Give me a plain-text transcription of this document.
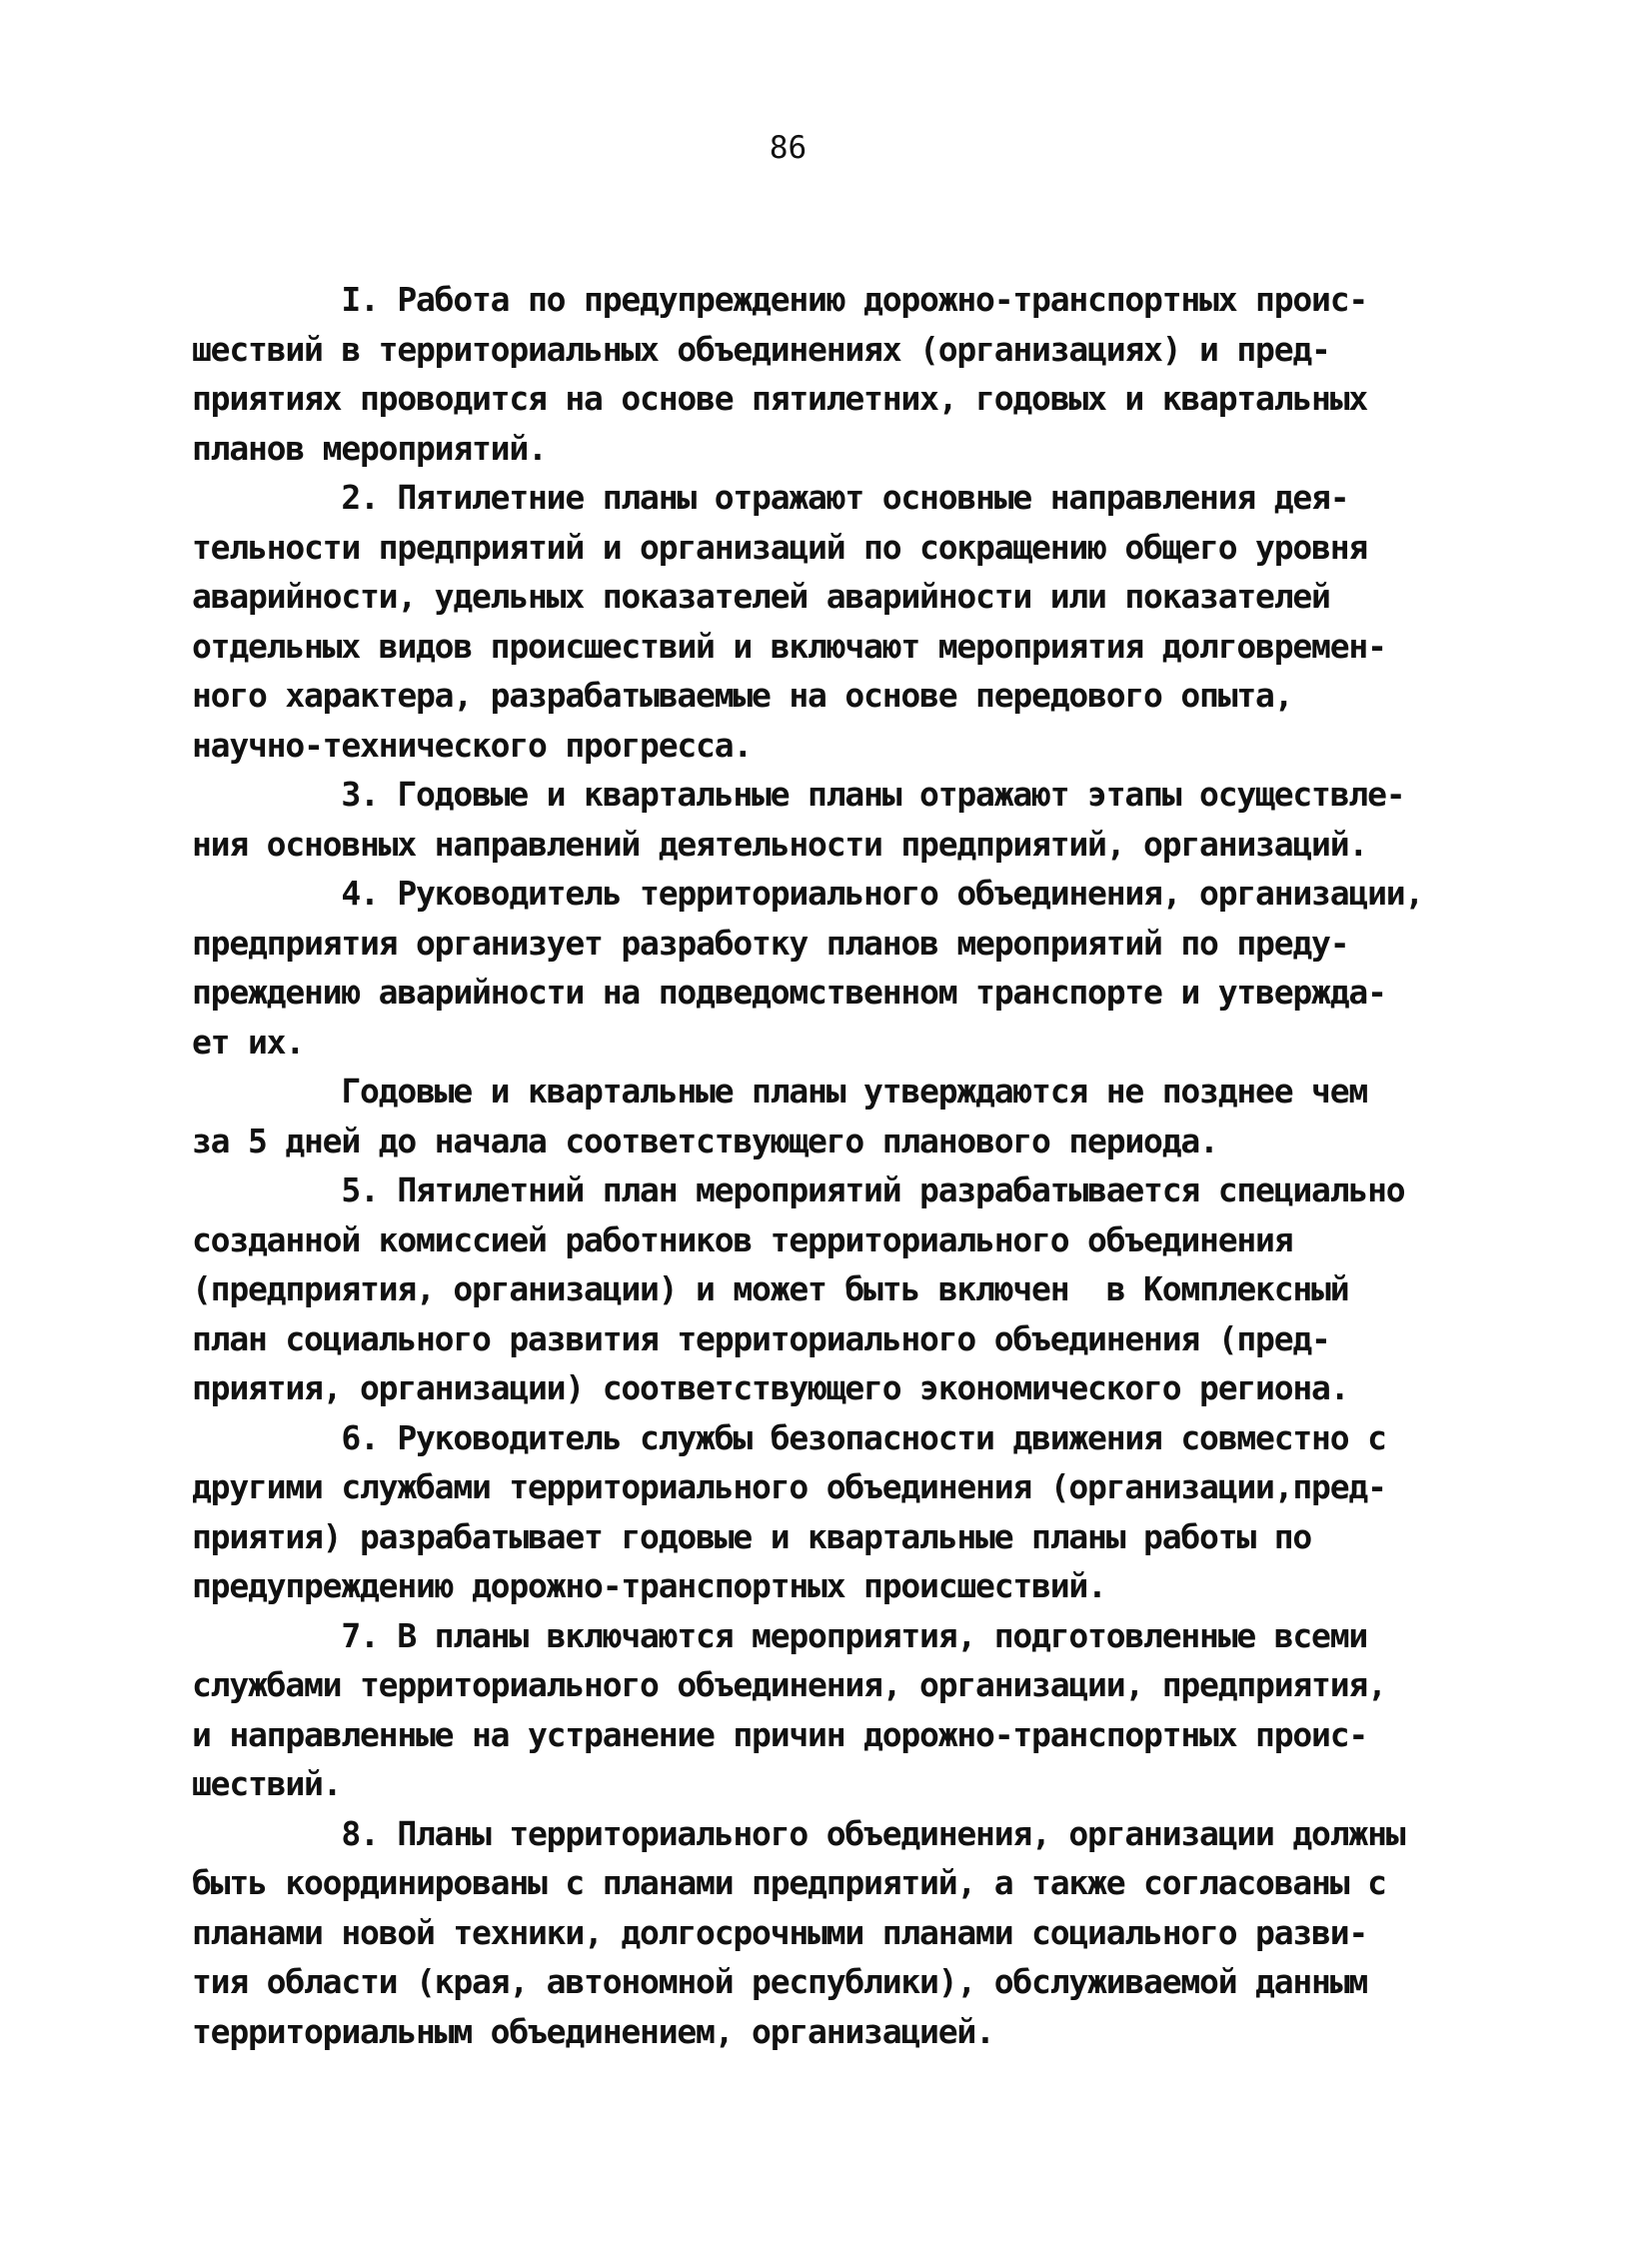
86
I. Работа по предупреждению дорожно-транспортных проис-
шествий в территориальных объединениях (организациях) и пред-
приятиях проводится на основе пятилетних, годовых и квартальных
планов мероприятий.
2. Пятилетние планы отражают основные направления дея-
тельности предприятий и организаций по сокращению общего уровня
аварийности, удельных показателей аварийности или показателей
отдельных видов происшествий и включают мероприятия долговремен-
ного характера, разрабатываемые на основе передового опыта,
научно-технического прогресса.
3. Годовые и квартальные планы отражают этапы осуществле-
ния основных направлений деятельности предприятий, организаций.
4. Руководитель территориального объединения, организации,
предприятия организует разработку планов мероприятий по преду-
преждению аварийности на подведомственном транспорте и утвержда-
ет их.
Годовые и квартальные планы утверждаются не позднее чем
за 5 дней до начала соответствующего планового периода.
5. Пятилетний план мероприятий разрабатывается специально
созданной комиссией работников территориального объединения
(предприятия, организации) и может быть включен  в Комплексный
план социального развития территориального объединения (пред-
приятия, организации) соответствующего экономического региона.
6. Руководитель службы безопасности движения совместно с
другими службами территориального объединения (организации,пред-
приятия) разрабатывает годовые и квартальные планы работы по
предупреждению дорожно-транспортных происшествий.
7. В планы включаются мероприятия, подготовленные всеми
службами территориального объединения, организации, предприятия,
и направленные на устранение причин дорожно-транспортных проис-
шествий.
8. Планы территориального объединения, организации должны
быть координированы с планами предприятий, а также согласованы с
планами новой техники, долгосрочными планами социального разви-
тия области (края, автономной республики), обслуживаемой данным
территориальным объединением, организацией.
